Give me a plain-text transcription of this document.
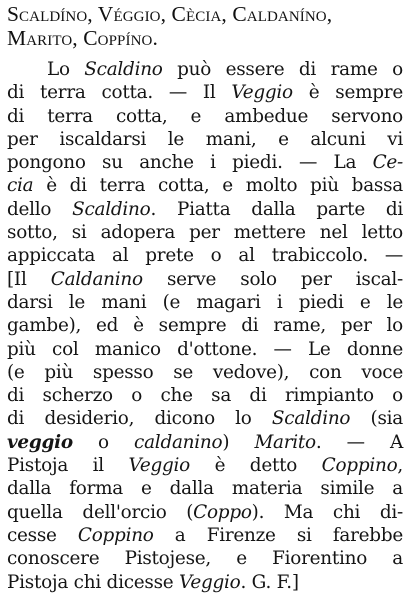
Scaldíno, Véggio, Cècia, Caldaníno,
Marito, Coppíno.
Lo Scaldino può essere di rame o
di terra cotta. — Il Veggio è sempre
di terra cotta, e ambedue servono
per iscaldarsi le mani, e alcuni vi
pongono su anche i piedi. — La Ce-
cia è di terra cotta, e molto più bassa
dello Scaldino. Piatta dalla parte di
sotto, si adopera per mettere nel letto
appiccata al prete o al trabiccolo. —
[Il Caldanino serve solo per iscal-
darsi le mani (e magari i piedi e le
gambe), ed è sempre di rame, per lo
più col manico d'ottone. — Le donne
(e più spesso se vedove), con voce
di scherzo o che sa di rimpianto o
di desiderio, dicono lo Scaldino (sia
veggio o caldanino) Marito. — A
Pistoja il Veggio è detto Coppino,
dalla forma e dalla materia simile a
quella dell'orcio (Coppo). Ma chi di-
cesse Coppino a Firenze si farebbe
conoscere Pistojese, e Fiorentino a
Pistoja chi dicesse Veggio. G. F.]
